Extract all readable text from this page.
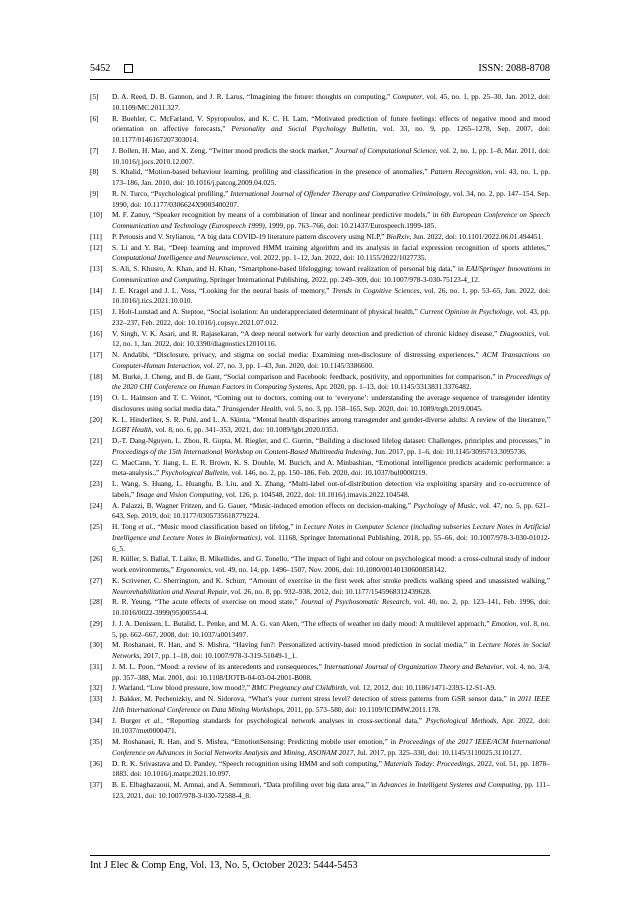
5452	ISSN: 2088-8708
[5] D. A. Reed, D. B. Gannon, and J. R. Larus, “Imagining the future: thoughts on computing,” Computer, vol. 45, no. 1, pp. 25–30, Jan. 2012, doi: 10.1109/MC.2011.327.
[6] R. Buehler, C. McFarland, V. Spyropoulos, and K. C. H. Lam, “Motivated prediction of future feelings: effects of negative mood and mood orientation on affective forecasts,” Personality and Social Psychology Bulletin, vol. 33, no. 9, pp. 1265–1278, Sep. 2007, doi: 10.1177/0146167207303014.
[7] J. Bollen, H. Mao, and X. Zeng, “Twitter mood predicts the stock market,” Journal of Computational Science, vol. 2, no. 1, pp. 1–8, Mar. 2011, doi: 10.1016/j.jocs.2010.12.007.
[8] S. Khalid, “Motion-based behaviour learning, profiling and classification in the presence of anomalies,” Pattern Recognition, vol. 43, no. 1, pp. 173–186, Jan. 2010, doi: 10.1016/j.patcog.2009.04.025.
[9] R. N. Turco, “Psychological profiling,” International Journal of Offender Therapy and Comparative Criminology, vol. 34, no. 2, pp. 147–154, Sep. 1990, doi: 10.1177/0306624X9003400207.
[10] M. F. Zanuy, “Speaker recognition by means of a combination of linear and nonlinear predictive models,” in 6th European Conference on Speech Communication and Technology (Eurospeech 1999), 1999, pp. 763–766, doi: 10.21437/Eurospeech.1999-185.
[11] P. Petousis and V. Stylianou, “A big data COVID-19 literature pattern discovery using NLP,” BioRxiv, Jun. 2022, doi: 10.1101/2022.06.01.494451.
[12] S. Li and Y. Bai, “Deep learning and improved HMM training algorithm and its analysis in facial expression recognition of sports athletes,” Computational Intelligence and Neuroscience, vol. 2022, pp. 1–12, Jan. 2022, doi: 10.1155/2022/1027735.
[13] S. Ali, S. Khusro, A. Khan, and H. Khan, “Smartphone-based lifelogging: toward realization of personal big data,” in EAI/Springer Innovations in Communication and Computing, Springer International Publishing, 2022, pp. 249–309, doi: 10.1007/978-3-030-75123-4_12.
[14] J. E. Kragel and J. L. Voss, “Looking for the neural basis of memory,” Trends in Cognitive Sciences, vol. 26, no. 1, pp. 53–65, Jan. 2022, doi: 10.1016/j.tics.2021.10.010.
[15] J. Holt-Lunstad and A. Steptoe, “Social isolation: An underappreciated determinant of physical health,” Current Opinion in Psychology, vol. 43, pp. 232–237, Feb. 2022, doi: 10.1016/j.copsyc.2021.07.012.
[16] V. Singh, V. K. Asari, and R. Rajasekaran, “A deep neural network for early detection and prediction of chronic kidney disease,” Diagnostics, vol. 12, no. 1, Jan. 2022, doi: 10.3390/diagnostics12010116.
[17] N. Andalibi, “Disclosure, privacy, and stigma on social media: Examining non-disclosure of distressing experiences,” ACM Transactions on Computer-Human Interaction, vol. 27, no. 3, pp. 1–43, Jun. 2020, doi: 10.1145/3386600.
[18] M. Burke, J. Cheng, and B. de Gant, “Social comparison and Facebook: feedback, positivity, and opportunities for comparison,” in Proceedings of the 2020 CHI Conference on Human Factors in Computing Systems, Apr. 2020, pp. 1–13, doi: 10.1145/3313831.3376482.
[19] O. L. Haimson and T. C. Veinot, “Coming out to doctors, coming out to ‘everyone’: understanding the average sequence of transgender identity disclosures using social media data,” Transgender Health, vol. 5, no. 3, pp. 158–165, Sep. 2020, doi: 10.1089/trgh.2019.0045.
[20] K. L. Hinderliter, S. R. Puhl, and L. A. Skinta, “Mental health disparities among transgender and gender-diverse adults: A review of the literature,” LGBT Health, vol. 8, no. 6, pp. 341–353, 2021, doi: 10.1089/lgbt.2020.0353.
[21] D.-T. Dang-Nguyen, L. Zhou, R. Gupta, M. Riegler, and C. Gurrin, “Building a disclosed lifelog dataset: Challenges, principles and processes,” in Proceedings of the 15th International Workshop on Content-Based Multimedia Indexing, Jun. 2017, pp. 1–6, doi: 10.1145/3095713.3095736.
[22] C. MacCann, Y. Jiang, L. E. R. Brown, K. S. Double, M. Bucich, and A. Minbashian, “Emotional intelligence predicts academic performance: a meta-analysis.,” Psychological Bulletin, vol. 146, no. 2, pp. 150–186, Feb. 2020, doi: 10.1037/bul0000219.
[23] L. Wang, S. Huang, L. Huangfu, B. Liu, and X. Zhang, “Multi-label out-of-distribution detection via exploiting sparsity and co-occurrence of labels,” Image and Vision Computing, vol. 126, p. 104548, 2022, doi: 10.1016/j.imavis.2022.104548.
[24] A. Palazzi, B. Wagner Fritzen, and G. Gauer, “Music-induced emotion effects on decision-making,” Psychology of Music, vol. 47, no. 5, pp. 621–643, Sep. 2019, doi: 10.1177/0305735618779224.
[25] H. Tong et al., “Music mood classification based on lifelog,” in Lecture Notes in Computer Science (including subseries Lecture Notes in Artificial Intelligence and Lecture Notes in Bioinformatics), vol. 11168, Springer International Publishing, 2018, pp. 55–66, doi: 10.1007/978-3-030-01012-6_5.
[26] R. Küller, S. Ballal, T. Laike, B. Mikellides, and G. Tonello, “The impact of light and colour on psychological mood: a cross-cultural study of indoor work environments,” Ergonomics, vol. 49, no. 14, pp. 1496–1507, Nov. 2006, doi: 10.1080/00140130600858142.
[27] K. Scrivener, C. Sherrington, and K. Schurr, “Amount of exercise in the first week after stroke predicts walking speed and unassisted walking,” Neurorehabilitation and Neural Repair, vol. 26, no. 8, pp. 932–938, 2012, doi: 10.1177/1545968312439628.
[28] R. R. Yeung, “The acute effects of exercise on mood state,” Journal of Psychosomatic Research, vol. 40, no. 2, pp. 123–141, Feb. 1996, doi: 10.1016/0022-3999(95)00554-4.
[29] J. J. A. Denissen, L. Butalid, L. Penke, and M. A. G. van Aken, “The effects of weather on daily mood: A multilevel approach,” Emotion, vol. 8, no. 5, pp. 662–667, 2008, doi: 10.1037/a0013497.
[30] M. Roshanaei, R. Han, and S. Mishra, “Having fun?: Personalized activity-based mood prediction in social media,” in Lecture Notes in Social Networks, 2017, pp. 1–18, doi: 10.1007/978-3-319-51049-1_1.
[31] J. M. L. Poon, “Mood: a review of its antecedents and consequences,” International Journal of Organization Theory and Behavior, vol. 4, no. 3/4, pp. 357–388, Mar. 2001, doi: 10.1108/IJOTB-04-03-04-2001-B008.
[32] J. Warland, “Low blood pressure, low mood?,” BMC Pregnancy and Childbirth, vol. 12, 2012, doi: 10.1186/1471-2393-12-S1-A9.
[33] J. Bakker, M. Pechenizkiy, and N. Sidorova, “What’s your current stress level? detection of stress patterns from GSR sensor data,” in 2011 IEEE 11th International Conference on Data Mining Workshops, 2011, pp. 573–580, doi: 10.1109/ICDMW.2011.178.
[34] J. Burger et al., “Reporting standards for psychological network analyses in cross-sectional data,” Psychological Methods, Apr. 2022, doi: 10.1037/met0000471.
[35] M. Roshanaei, R. Han, and S. Mishra, “EmotionSensing: Predicting mobile user emotion,” in Proceedings of the 2017 IEEE/ACM International Conference on Advances in Social Networks Analysis and Mining, ASONAM 2017, Jul. 2017, pp. 325–330, doi: 10.1145/3110025.3110127.
[36] D. R. K. Srivastava and D. Pandey, “Speech recognition using HMM and soft computing,” Materials Today: Proceedings, 2022, vol. 51, pp. 1878–1883. doi: 10.1016/j.matpr.2021.10.097.
[37] B. E. Elbaghazaoui, M. Amnai, and A. Semmouri, “Data profiling over big data area,” in Advances in Intelligent Systems and Computing, pp. 111–123, 2021, doi: 10.1007/978-3-030-72588-4_8.
Int J Elec & Comp Eng, Vol. 13, No. 5, October 2023: 5444-5453
